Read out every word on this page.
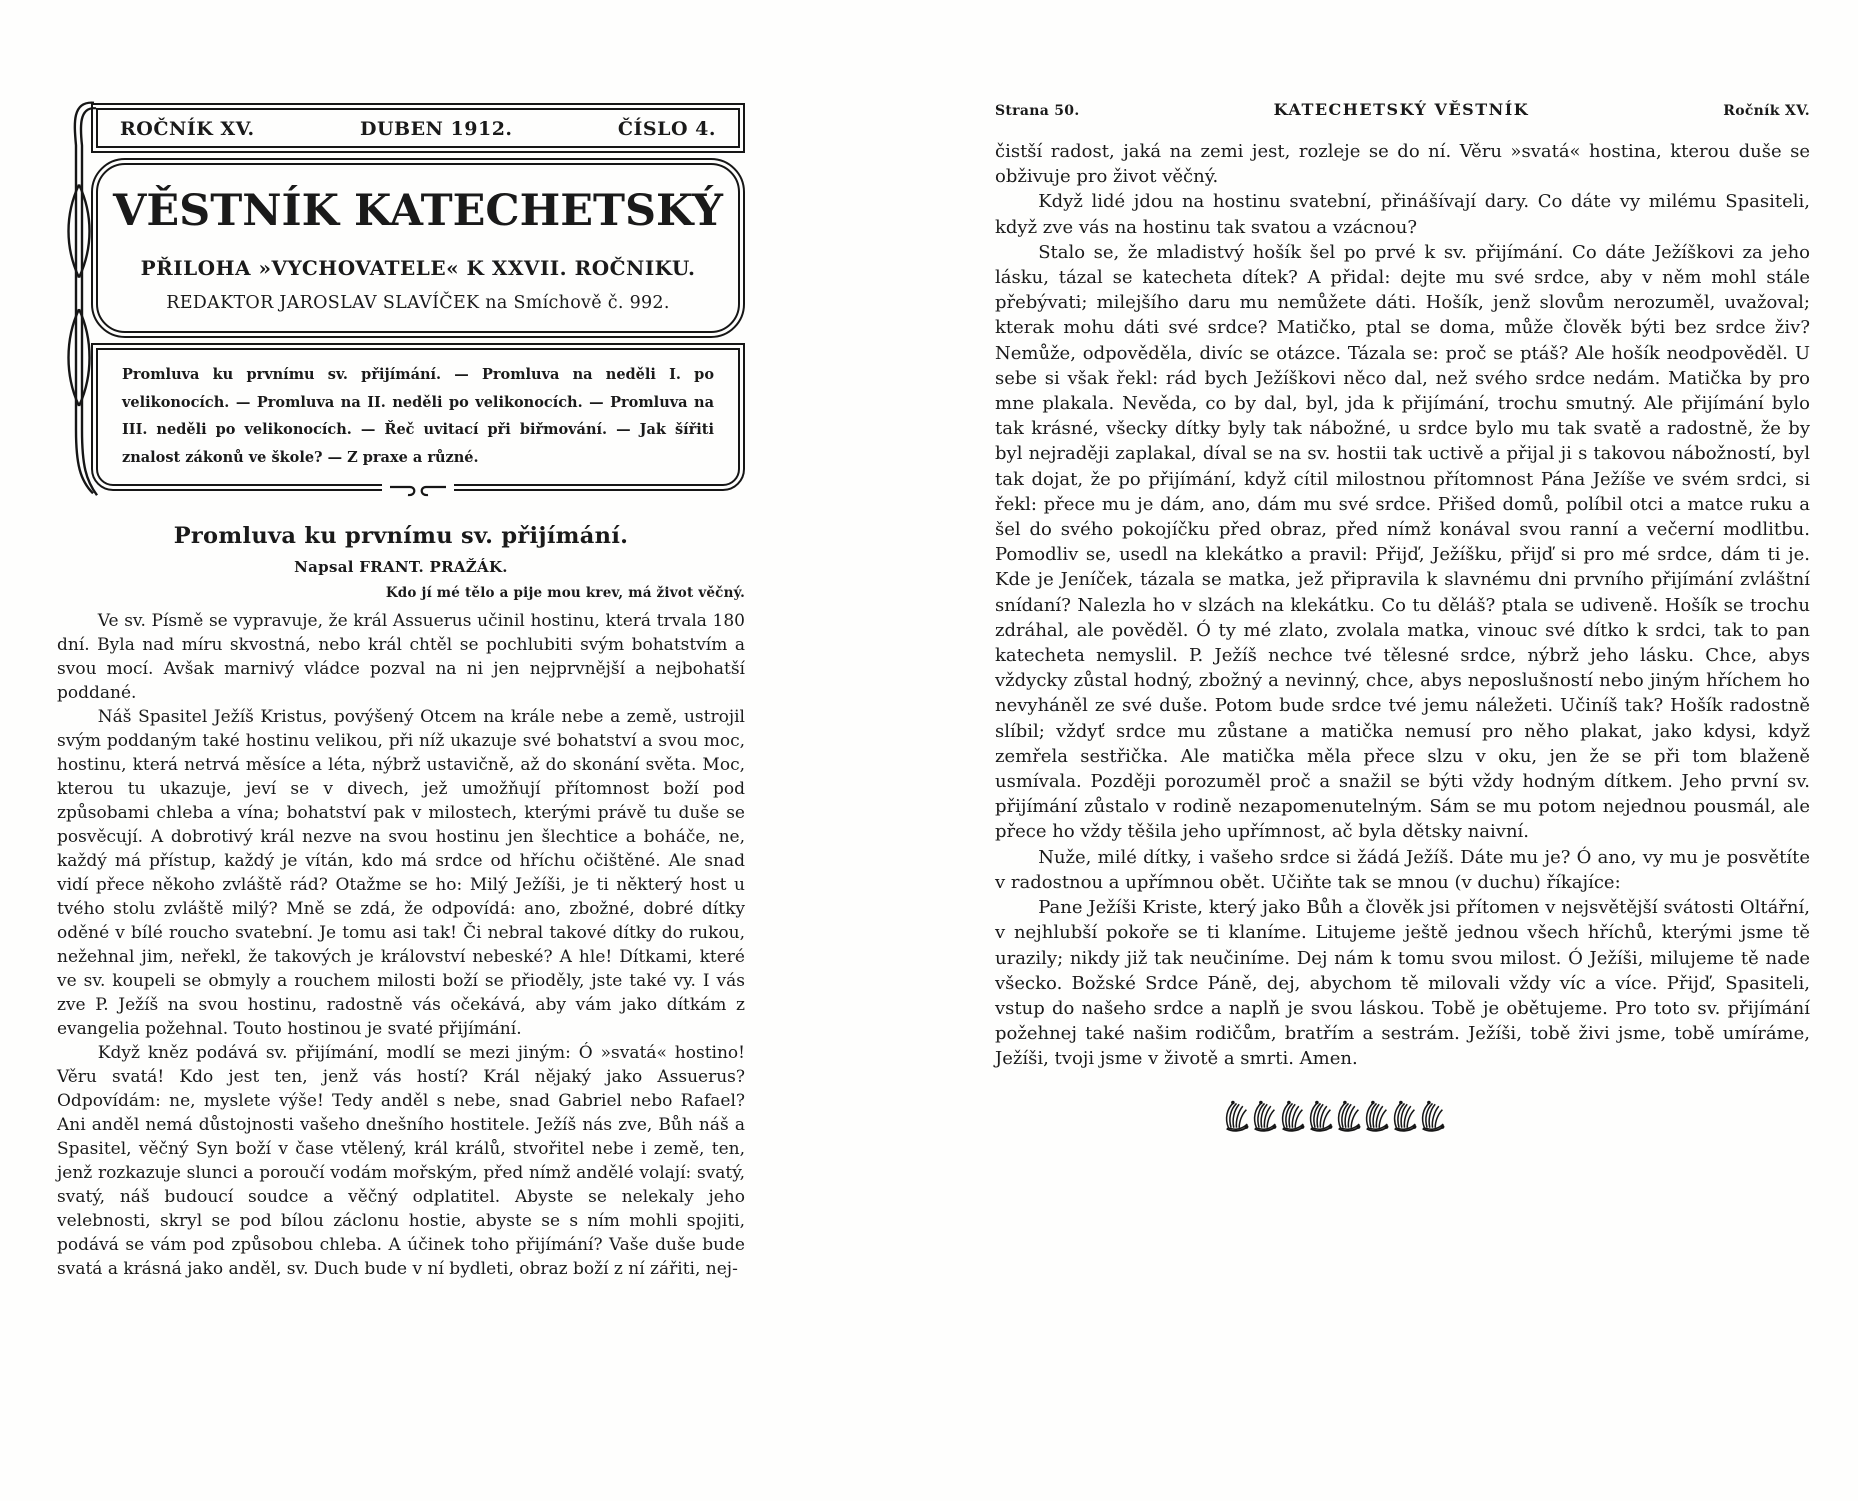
ROČNÍK XV.	DUBEN 1912.	ČÍSLO 4.
VĚSTNÍK KATECHETSKÝ
PŘILOHA »VYCHOVATELE« K XXVII. ROČNIKU.
REDAKTOR JAROSLAV SLAVÍČEK na Smíchově č. 992.
Promluva ku prvnímu sv. přijímání. — Promluva na neděli I. po velikonocích. — Promluva na II. neděli po velikonocích. — Promluva na III. neděli po velikonocích. — Řeč uvitací při biřmování. — Jak šířiti znalost zákonů ve škole? — Z praxe a různé.
Promluva ku prvnímu sv. přijímání.
Napsal FRANT. PRAŽÁK.
Kdo jí mé tělo a pije mou krev, má život věčný.

Ve sv. Písmě se vypravuje, že král Assuerus učinil hostinu, která trvala 180 dní. Byla nad míru skvostná, nebo král chtěl se pochlubiti svým bohatstvím a svou mocí. Avšak marnivý vládce pozval na ni jen nejprvnější a nejbohatší poddané.

Náš Spasitel Ježíš Kristus, povýšený Otcem na krále nebe a země, ustrojil svým poddaným také hostinu velikou, při níž ukazuje své bohatství a svou moc, hostinu, která netrvá měsíce a léta, nýbrž ustavičně, až do skonání světa. Moc, kterou tu ukazuje, jeví se v divech, jež umožňují přítomnost boží pod způsobami chleba a vína; bohatství pak v milostech, kterými právě tu duše se posvěcují. A dobrotivý král nezve na svou hostinu jen šlechtice a boháče, ne, každý má přístup, každý je vítán, kdo má srdce od hříchu očištěné. Ale snad vidí přece někoho zvláště rád? Otažme se ho: Milý Ježíši, je ti některý host u tvého stolu zvláště milý? Mně se zdá, že odpovídá: ano, zbožné, dobré dítky oděné v bílé roucho svatební. Je tomu asi tak! Či nebral takové dítky do rukou, nežehnal jim, neřekl, že takových je království nebeské? A hle! Dítkami, které ve sv. koupeli se obmyly a rouchem milosti boží se přioděly, jste také vy. I vás zve P. Ježíš na svou hostinu, radostně vás očekává, aby vám jako dítkám z evangelia požehnal. Touto hostinou je svaté přijímání.

Když kněz podává sv. přijímání, modlí se mezi jiným: Ó »svatá« hostino! Věru svatá! Kdo jest ten, jenž vás hostí? Král nějaký jako Assuerus? Odpovídám: ne, myslete výše! Tedy anděl s nebe, snad Gabriel nebo Rafael? Ani anděl nemá důstojnosti vašeho dnešního hostitele. Ježíš nás zve, Bůh náš a Spasitel, věčný Syn boží v čase vtělený, král králů, stvořitel nebe i země, ten, jenž rozkazuje slunci a poroučí vodám mořským, před nímž andělé volají: svatý, svatý, náš budoucí soudce a věčný odplatitel. Abyste se nelekaly jeho velebnosti, skryl se pod bílou záclonu hostie, abyste se s ním mohli spojiti, podává se vám pod způsobou chleba. A účinek toho přijímání? Vaše duše bude svatá a krásná jako anděl, sv. Duch bude v ní bydleti, obraz boží z ní zářiti, nej-

Strana 50.	KATECHETSKÝ VĚSTNÍK	Ročník XV.

čistší radost, jaká na zemi jest, rozleje se do ní. Věru »svatá« hostina, kterou duše se obživuje pro život věčný.

Když lidé jdou na hostinu svatební, přinášívají dary. Co dáte vy milému Spasiteli, když zve vás na hostinu tak svatou a vzácnou?

Stalo se, že mladistvý hošík šel po prvé k sv. přijímání. Co dáte Ježíškovi za jeho lásku, tázal se katecheta dítek? A přidal: dejte mu své srdce, aby v něm mohl stále přebývati; milejšího daru mu nemůžete dáti. Hošík, jenž slovům nerozuměl, uvažoval; kterak mohu dáti své srdce? Matičko, ptal se doma, může člověk býti bez srdce živ? Nemůže, odpověděla, divíc se otázce. Tázala se: proč se ptáš? Ale hošík neodpověděl. U sebe si však řekl: rád bych Ježíškovi něco dal, než svého srdce nedám. Matička by pro mne plakala. Nevěda, co by dal, byl, jda k přijímání, trochu smutný. Ale přijímání bylo tak krásné, všecky dítky byly tak nábožné, u srdce bylo mu tak svatě a radostně, že by byl nejraději zaplakal, díval se na sv. hostii tak uctivě a přijal ji s takovou nábožností, byl tak dojat, že po přijímání, když cítil milostnou přítomnost Pána Ježíše ve svém srdci, si řekl: přece mu je dám, ano, dám mu své srdce. Přišed domů, políbil otci a matce ruku a šel do svého pokojíčku před obraz, před nímž konával svou ranní a večerní modlitbu. Pomodliv se, usedl na klekátko a pravil: Přijď, Ježíšku, přijď si pro mé srdce, dám ti je. Kde je Jeníček, tázala se matka, jež připravila k slavnému dni prvního přijímání zvláštní snídaní? Nalezla ho v slzách na klekátku. Co tu děláš? ptala se udiveně. Hošík se trochu zdráhal, ale pověděl. Ó ty mé zlato, zvolala matka, vinouc své dítko k srdci, tak to pan katecheta nemyslil. P. Ježíš nechce tvé tělesné srdce, nýbrž jeho lásku. Chce, abys vždycky zůstal hodný, zbožný a nevinný, chce, abys neposlušností nebo jiným hříchem ho nevyháněl ze své duše. Potom bude srdce tvé jemu náležeti. Učiníš tak? Hošík radostně slíbil; vždyť srdce mu zůstane a matička nemusí pro něho plakat, jako kdysi, když zemřela sestřička. Ale matička měla přece slzu v oku, jen že se při tom blaženě usmívala. Později porozuměl proč a snažil se býti vždy hodným dítkem. Jeho první sv. přijímání zůstalo v rodině nezapomenutelným. Sám se mu potom nejednou pousmál, ale přece ho vždy těšila jeho upřímnost, ač byla dětsky naivní.

Nuže, milé dítky, i vašeho srdce si žádá Ježíš. Dáte mu je? Ó ano, vy mu je posvětíte v radostnou a upřímnou obět. Učiňte tak se mnou (v duchu) říkajíce:

Pane Ježíši Kriste, který jako Bůh a člověk jsi přítomen v nejsvětější svátosti Oltářní, v nejhlubší pokoře se ti klaníme. Litujeme ještě jednou všech hříchů, kterými jsme tě urazily; nikdy již tak neučiníme. Dej nám k tomu svou milost. Ó Ježíši, milujeme tě nade všecko. Božské Srdce Páně, dej, abychom tě milovali vždy víc a více. Přijď, Spasiteli, vstup do našeho srdce a naplň je svou láskou. Tobě je obětujeme. Pro toto sv. přijímání požehnej také našim rodičům, bratřím a sestrám. Ježíši, tobě živi jsme, tobě umíráme, Ježíši, tvoji jsme v životě a smrti. Amen.
